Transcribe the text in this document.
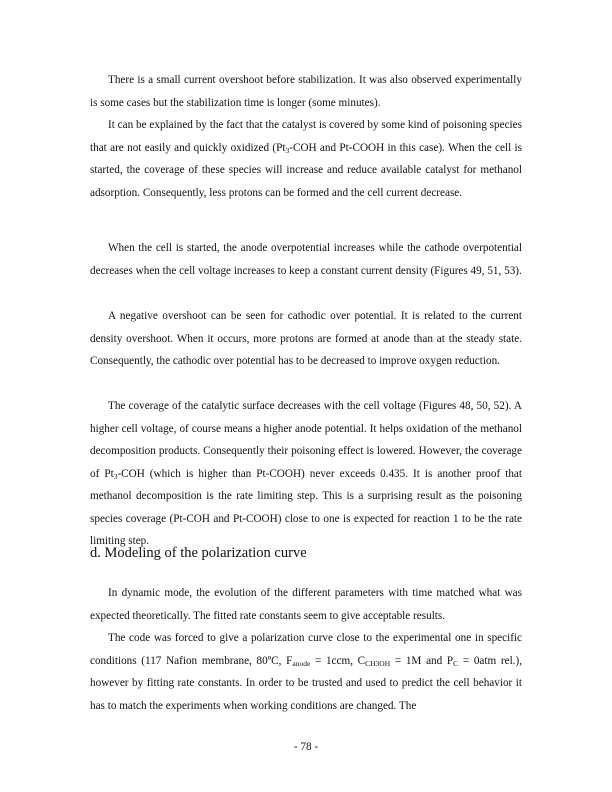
There is a small current overshoot before stabilization. It was also observed experimentally is some cases but the stabilization time is longer (some minutes).

It can be explained by the fact that the catalyst is covered by some kind of poisoning species that are not easily and quickly oxidized ($Pt_3$-COH and Pt-COOH in this case). When the cell is started, the coverage of these species will increase and reduce available catalyst for methanol adsorption. Consequently, less protons can be formed and the cell current decrease.

When the cell is started, the anode overpotential increases while the cathode overpotential decreases when the cell voltage increases to keep a constant current density (Figures 49, 51, 53).

A negative overshoot can be seen for cathodic over potential. It is related to the current density overshoot. When it occurs, more protons are formed at anode than at the steady state. Consequently, the cathodic over potential has to be decreased to improve oxygen reduction.

The coverage of the catalytic surface decreases with the cell voltage (Figures 48, 50, 52). A higher cell voltage, of course means a higher anode potential. It helps oxidation of the methanol decomposition products. Consequently their poisoning effect is lowered. However, the coverage of $Pt_3$-COH (which is higher than Pt-COOH) never exceeds 0.435. It is another proof that methanol decomposition is the rate limiting step. This is a surprising result as the poisoning species coverage (Pt-COH and Pt-COOH) close to one is expected for reaction 1 to be the rate limiting step.

d. Modeling of the polarization curve

In dynamic mode, the evolution of the different parameters with time matched what was expected theoretically. The fitted rate constants seem to give acceptable results.

The code was forced to give a polarization curve close to the experimental one in specific conditions (117 Nafion membrane, 80ºC, $F_{anode} = 1ccm$, $C_{CH3OH} = 1M$ and $P_C = 0atm$ rel.), however by fitting rate constants. In order to be trusted and used to predict the cell behavior it has to match the experiments when working conditions are changed. The

- 78 -
